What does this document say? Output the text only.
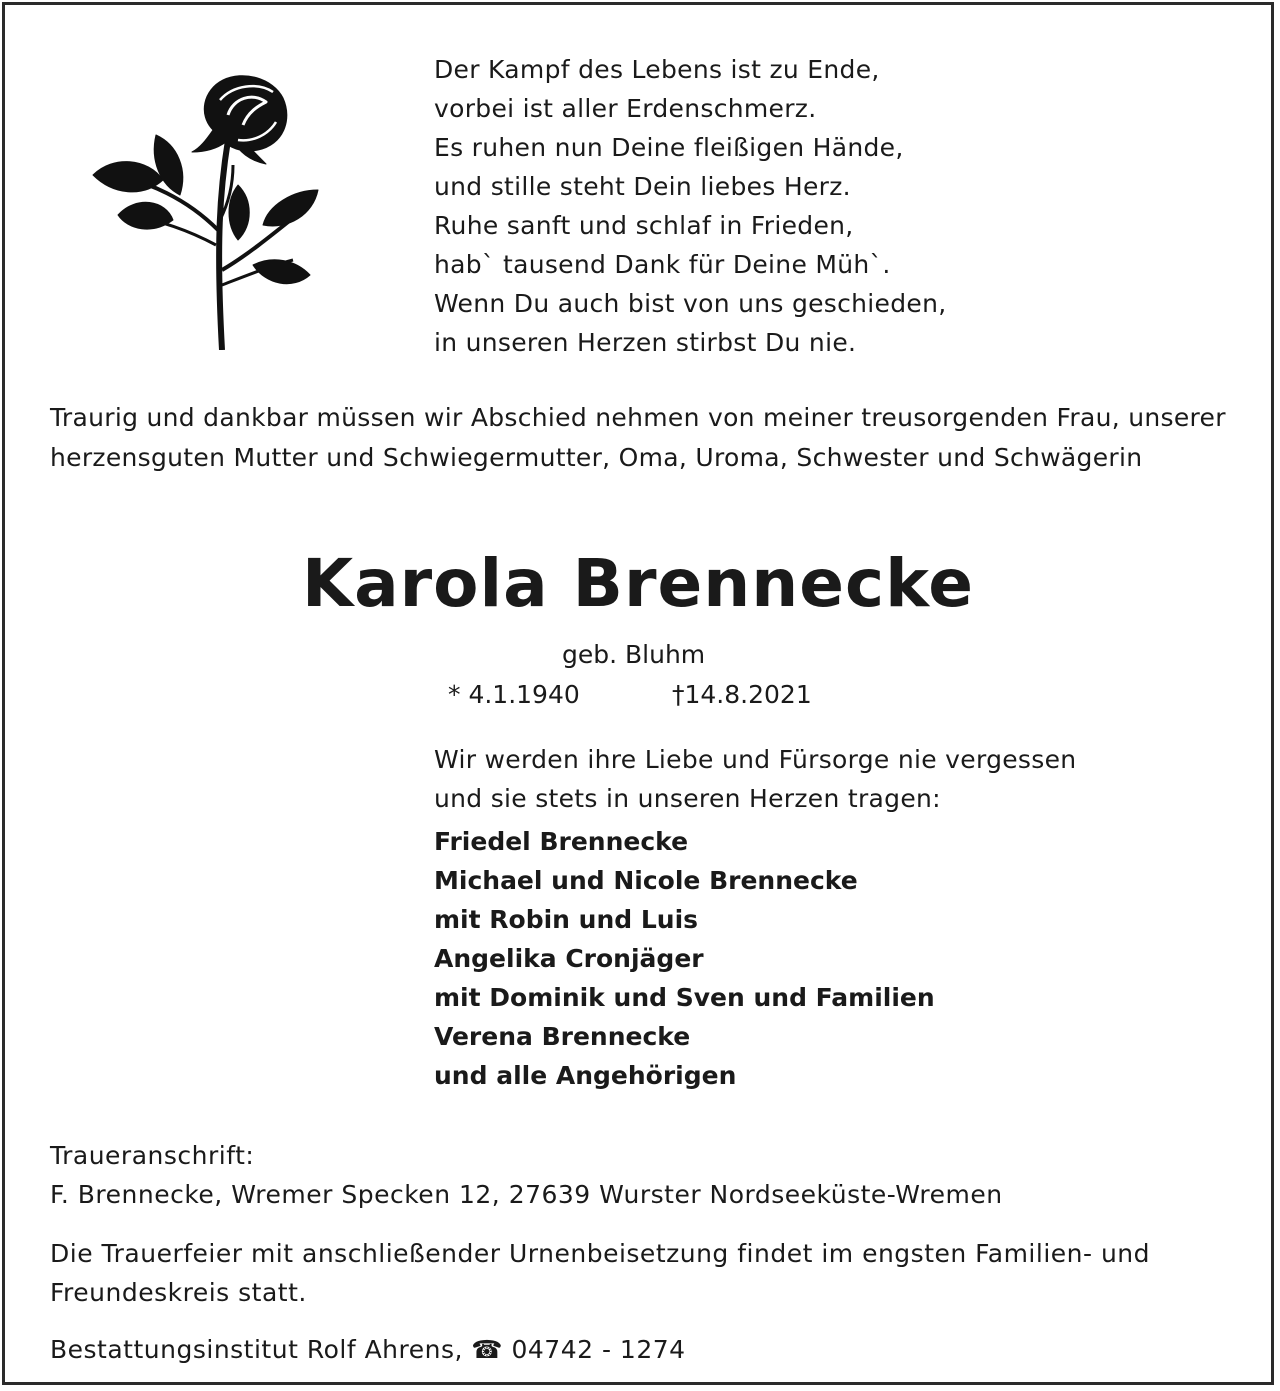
Der Kampf des Lebens ist zu Ende,
vorbei ist aller Erdenschmerz.
Es ruhen nun Deine fleißigen Hände,
und stille steht Dein liebes Herz.
Ruhe sanft und schlaf in Frieden,
hab` tausend Dank für Deine Müh`.
Wenn Du auch bist von uns geschieden,
in unseren Herzen stirbst Du nie.
Traurig und dankbar müssen wir Abschied nehmen von meiner treusorgenden Frau, unserer herzensguten Mutter und Schwiegermutter, Oma, Uroma, Schwester und Schwägerin
Karola Brennecke
geb. Bluhm
* 4.1.1940	†14.8.2021
Wir werden ihre Liebe und Fürsorge nie vergessen
und sie stets in unseren Herzen tragen:
Friedel Brennecke
Michael und Nicole Brennecke
mit Robin und Luis
Angelika Cronjäger
mit Dominik und Sven und Familien
Verena Brennecke
und alle Angehörigen
Traueranschrift:
F. Brennecke, Wremer Specken 12, 27639 Wurster Nordseeküste-Wremen
Die Trauerfeier mit anschließender Urnenbeisetzung findet im engsten Familien- und Freundeskreis statt.
Bestattungsinstitut Rolf Ahrens, ☎ 04742 - 1274
